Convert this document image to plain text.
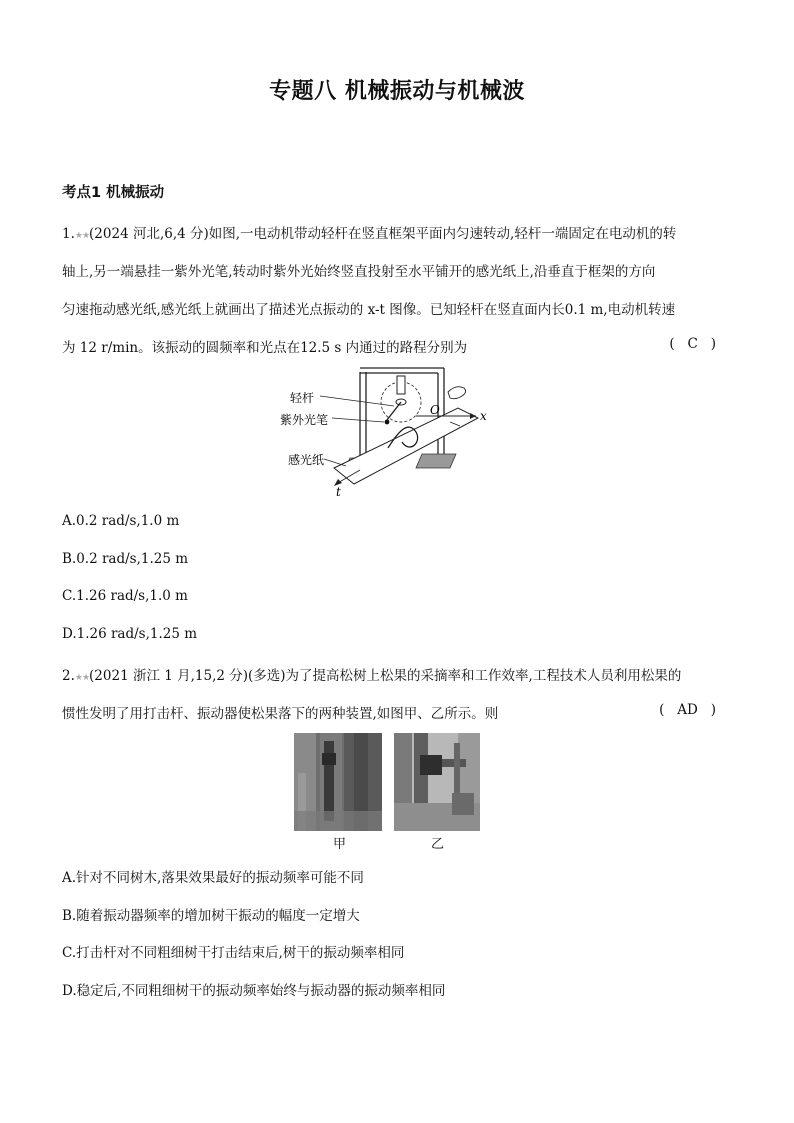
专题八 机械振动与机械波
考点1 机械振动
1.★★(2024 河北,6,4 分)如图,一电动机带动轻杆在竖直框架平面内匀速转动,轻杆一端固定在电动机的转
轴上,另一端悬挂一紫外光笔,转动时紫外光始终竖直投射至水平铺开的感光纸上,沿垂直于框架的方向
匀速拖动感光纸,感光纸上就画出了描述光点振动的 x-t 图像。已知轻杆在竖直面内长0.1 m,电动机转速
为 12 r/min。该振动的圆频率和光点在12.5 s 内通过的路程分别为	(   C   )
轻杆
紫外光笔
感光纸
O	x
t
A.0.2 rad/s,1.0 m
B.0.2 rad/s,1.25 m
C.1.26 rad/s,1.0 m
D.1.26 rad/s,1.25 m
2.★★(2021 浙江 1 月,15,2 分)(多选)为了提高松树上松果的采摘率和工作效率,工程技术人员利用松果的
惯性发明了用打击杆、振动器使松果落下的两种装置,如图甲、乙所示。则	(   AD   )
甲	乙
A.针对不同树木,落果效果最好的振动频率可能不同
B.随着振动器频率的增加树干振动的幅度一定增大
C.打击杆对不同粗细树干打击结束后,树干的振动频率相同
D.稳定后,不同粗细树干的振动频率始终与振动器的振动频率相同
